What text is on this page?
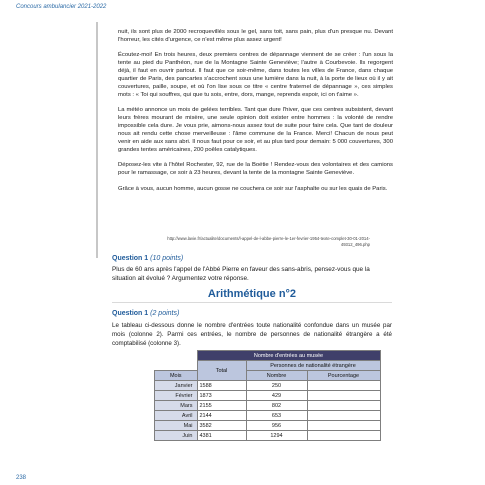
Concours ambulancier 2021-2022

nuit, ils sont plus de 2000 recroquevillés sous le gel, sans toit, sans pain, plus d'un presque nu. Devant l'horreur, les cités d'urgence, ce n'est même plus assez urgent!

Écoutez-moi! En trois heures, deux premiers centres de dépannage viennent de se créer : l'un sous la tente au pied du Panthéon, rue de la Montagne Sainte Geneviève; l'autre à Courbevoie. Ils regorgent déjà, il faut en ouvrir partout. Il faut que ce soir-même, dans toutes les villes de France, dans chaque quartier de Paris, des pancartes s'accrochent sous une lumière dans la nuit, à la porte de lieux où il y ait couvertures, paille, soupe, et où l'on lise sous ce titre « centre fraternel de dépannage », ces simples mots : « Toi qui souffres, qui que tu sois, entre, dors, mange, reprends espoir, ici on t'aime ».

La météo annonce un mois de gelées terribles. Tant que dure l'hiver, que ces centres subsistent, devant leurs frères mourant de misère, une seule opinion doit exister entre hommes : la volonté de rendre impossible cela dure. Je vous prie, aimons-nous assez tout de suite pour faire cela. Que tant de douleur nous ait rendu cette chose merveilleuse : l'âme commune de la France. Merci! Chacun de nous peut venir en aide aux sans abri. Il nous faut pour ce soir, et au plus tard pour demain: 5 000 couvertures, 300 grandes tentes américaines, 200 poêles catalytiques.

Déposez-les vite à l'hôtel Rochester, 92, rue de la Boétie ! Rendez-vous des volontaires et des camions pour le ramassage, ce soir à 23 heures, devant la tente de la montagne Sainte Geneviève.

Grâce à vous, aucun homme, aucun gosse ne couchera ce soir sur l'asphalte ou sur les quais de Paris.

http://www.lavie.fr/actualite/documents/l-appel-de-l-abbe-pierre-le-1er-fevrier-1954-texte-complet-30-01-2014-49312_496.php
Question 1 (10 points)
Plus de 60 ans après l'appel de l'Abbé Pierre en faveur des sans-abris, pensez-vous que la situation ait évolué ? Argumentez votre réponse.
Arithmétique n°2
Question 1 (2 points)
Le tableau ci-dessous donne le nombre d'entrées toute nationalité confondue dans un musée par mois (colonne 2). Parmi ces entrées, le nombre de personnes de nationalité étrangère a été comptabilisé (colonne 3).
	Nombre d'entrées au musée		
	Total	Personnes de nationalité étrangère	
Mois		Nombre	Pourcentage
Janvier	1588	250	
Février	1873	429	
Mars	2155	802	
Avril	2144	653	
Mai	3582	956	
Juin	4381	1294	
238
